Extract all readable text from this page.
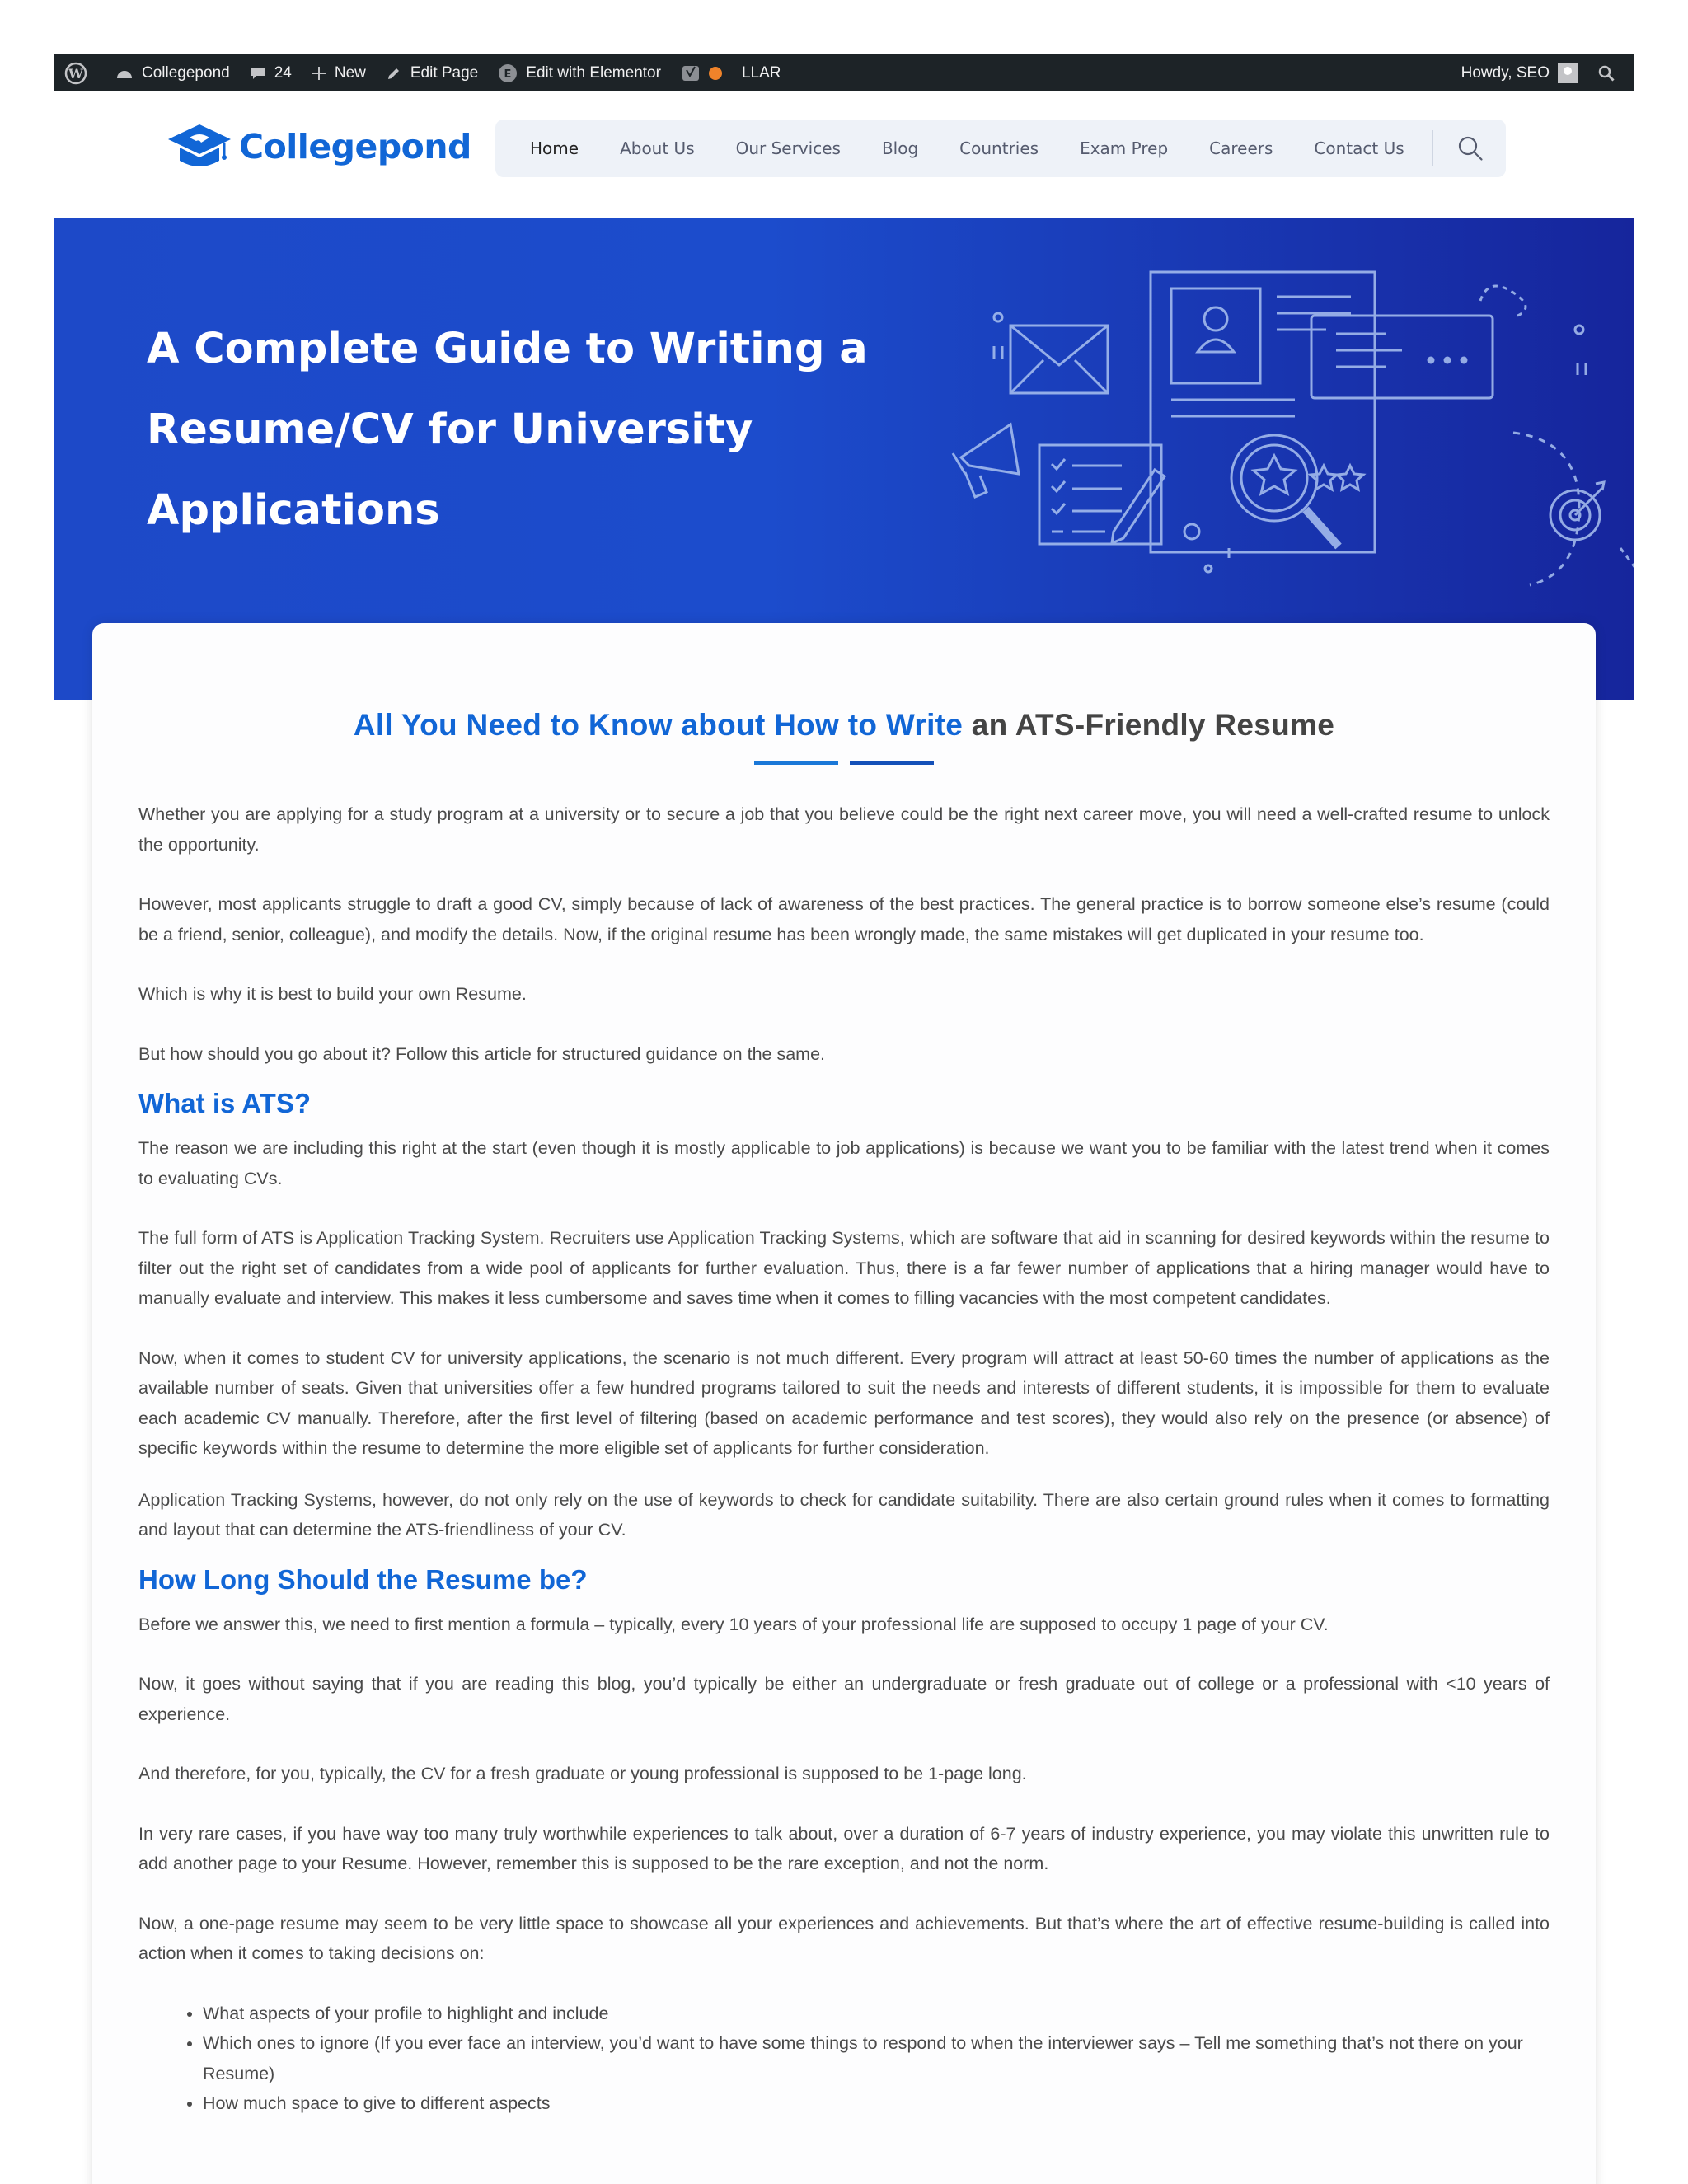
W	Collegepond	24	New	Edit Page E Edit with Elementor	LLAR	Howdy, SEO
Collegepond	Home	About Us	Our Services	Blog	Countries	Exam Prep	Careers	Contact Us
A Complete Guide to Writing a
Resume/CV for University
Applications
All You Need to Know about How to Write an ATS-Friendly Resume

Whether you are applying for a study program at a university or to secure a job that you believe could be the right next career move, you will need a well-crafted resume to unlock the opportunity.

However, most applicants struggle to draft a good CV, simply because of lack of awareness of the best practices. The general practice is to borrow someone else’s resume (could be a friend, senior, colleague), and modify the details. Now, if the original resume has been wrongly made, the same mistakes will get duplicated in your resume too.

Which is why it is best to build your own Resume.

But how should you go about it? Follow this article for structured guidance on the same.

What is ATS?

The reason we are including this right at the start (even though it is mostly applicable to job applications) is because we want you to be familiar with the latest trend when it comes to evaluating CVs.

The full form of ATS is Application Tracking System. Recruiters use Application Tracking Systems, which are software that aid in scanning for desired keywords within the resume to filter out the right set of candidates from a wide pool of applicants for further evaluation. Thus, there is a far fewer number of applications that a hiring manager would have to manually evaluate and interview. This makes it less cumbersome and saves time when it comes to filling vacancies with the most competent candidates.

Now, when it comes to student CV for university applications, the scenario is not much different. Every program will attract at least 50-60 times the number of applications as the available number of seats. Given that universities offer a few hundred programs tailored to suit the needs and interests of different students, it is impossible for them to evaluate each academic CV manually. Therefore, after the first level of filtering (based on academic performance and test scores), they would also rely on the presence (or absence) of specific keywords within the resume to determine the more eligible set of applicants for further consideration.

Application Tracking Systems, however, do not only rely on the use of keywords to check for candidate suitability. There are also certain ground rules when it comes to formatting and layout that can determine the ATS-friendliness of your CV.

How Long Should the Resume be?

Before we answer this, we need to first mention a formula – typically, every 10 years of your professional life are supposed to occupy 1 page of your CV.

Now, it goes without saying that if you are reading this blog, you’d typically be either an undergraduate or fresh graduate out of college or a professional with <10 years of experience.

And therefore, for you, typically, the CV for a fresh graduate or young professional is supposed to be 1-page long.

In very rare cases, if you have way too many truly worthwhile experiences to talk about, over a duration of 6-7 years of industry experience, you may violate this unwritten rule to add another page to your Resume. However, remember this is supposed to be the rare exception, and not the norm.

Now, a one-page resume may seem to be very little space to showcase all your experiences and achievements. But that’s where the art of effective resume-building is called into action when it comes to taking decisions on:

• What aspects of your profile to highlight and include
• Which ones to ignore (If you ever face an interview, you’d want to have some things to respond to when the interviewer says – Tell me something that’s not there on your Resume)
• How much space to give to different aspects
